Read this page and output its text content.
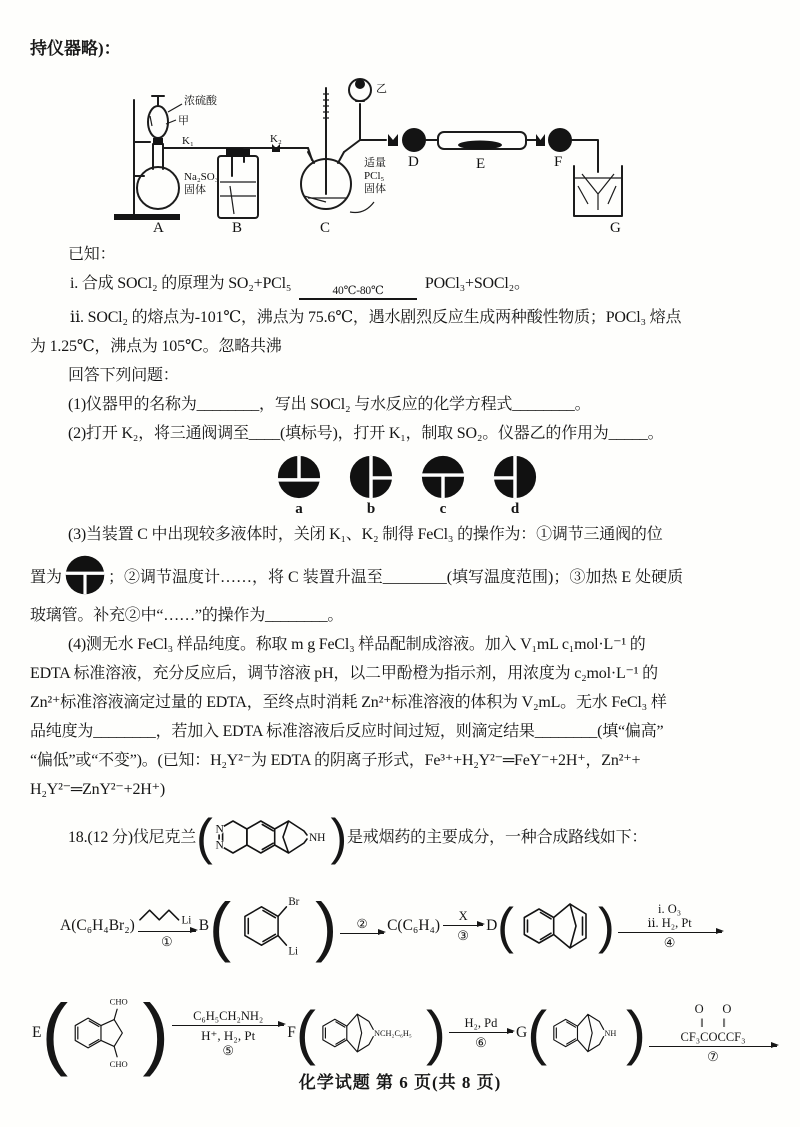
持仪器略)：
浓硫酸
甲
Na₂SO₃
固体
K₁	K₂
乙
适量
PCl₅
固体
A	B	C
D	E	F
G
已知：
i. 合成 SOCl₂ 的原理为 SO₂+PCl₅	40℃-80℃	POCl₃+SOCl₂。
ⅱ. SOCl₂ 的熔点为-101℃，沸点为 75.6℃，遇水剧烈反应生成两种酸性物质；POCl₃ 熔点
为 1.25℃，沸点为 105℃。忽略共沸
回答下列问题：
(1)仪器甲的名称为________，写出 SOCl₂ 与水反应的化学方程式________。
(2)打开 K₂，将三通阀调至____(填标号)，打开 K₁，制取 SO₂。仪器乙的作用为_____。
a	b	c	d
(3)当装置 C 中出现较多液体时，关闭 K₁、K₂ 制得 FeCl₃ 的操作为：①调节三通阀的位
置为	；②调节温度计……，将 C 装置升温至________(填写温度范围)；③加热 E 处硬质
玻璃管。补充②中“……”的操作为________。
(4)测无水 FeCl₃ 样品纯度。称取 m g FeCl₃ 样品配制成溶液。加入 V₁mL c₁mol·L⁻¹ 的
EDTA 标准溶液，充分反应后，调节溶液 pH，以二甲酚橙为指示剂，用浓度为 c₂mol·L⁻¹ 的
Zn²⁺标准溶液滴定过量的 EDTA，至终点时消耗 Zn²⁺标准溶液的体积为 V₂mL。无水 FeCl₃ 样
品纯度为________，若加入 EDTA 标准溶液后反应时间过短，则滴定结果________(填“偏高”
“偏低”或“不变”)。(已知：H₂Y²⁻为 EDTA 的阴离子形式，Fe³⁺+H₂Y²⁻═FeY⁻+2H⁺，Zn²⁺+
H₂Y²⁻═ZnY²⁻+2H⁺)
18.(12 分)伐尼克兰 ( N
N
NH ) 是戒烟药的主要成分，一种合成路线如下：
A(C₆H₄Br₂)	Li
①
B (	Br
Li ) ② C(C₆H₄)
X
③
D ( )	i. O₃
ⅱ. H₂, Pt
④
E (	CHO
CHO ) C₆H₅CH₂NH₂
H⁺, H₂, Pt
⑤
F (	NCH₂C₆H₅ ) H₂, Pd
⑥
G (	NH )	O      O
‖      ‖
CF₃COCCF₃
⑦
化学试题 第 6 页(共 8 页)
